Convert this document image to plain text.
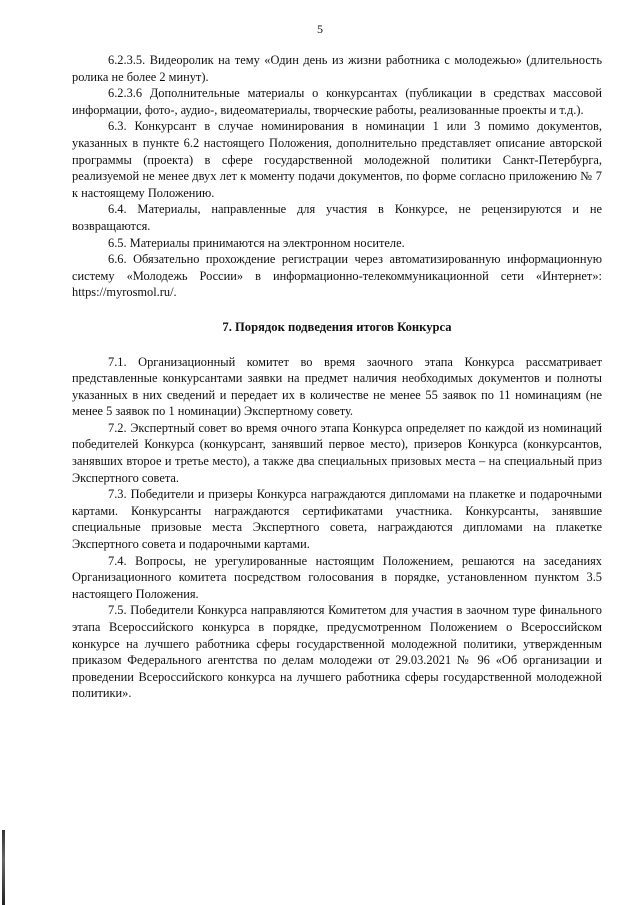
5

6.2.3.5. Видеоролик на тему «Один день из жизни работника с молодежью» (длительность ролика не более 2 минут).

6.2.3.6 Дополнительные материалы о конкурсантах (публикации в средствах массовой информации, фото-, аудио-, видеоматериалы, творческие работы, реализованные проекты и т.д.).

6.3. Конкурсант в случае номинирования в номинации 1 или 3 помимо документов, указанных в пункте 6.2 настоящего Положения, дополнительно представляет описание авторской программы (проекта) в сфере государственной молодежной политики Санкт-Петербурга, реализуемой не менее двух лет к моменту подачи документов, по форме согласно приложению № 7 к настоящему Положению.

6.4. Материалы, направленные для участия в Конкурсе, не рецензируются и не возвращаются.

6.5. Материалы принимаются на электронном носителе.

6.6. Обязательно прохождение регистрации через автоматизированную информационную систему «Молодежь России» в информационно-телекоммуникационной сети «Интернет»: https://myrosmol.ru/.

7. Порядок подведения итогов Конкурса

7.1. Организационный комитет во время заочного этапа Конкурса рассматривает представленные конкурсантами заявки на предмет наличия необходимых документов и полноты указанных в них сведений и передает их в количестве не менее 55 заявок по 11 номинациям (не менее 5 заявок по 1 номинации) Экспертному совету.

7.2. Экспертный совет во время очного этапа Конкурса определяет по каждой из номинаций победителей Конкурса (конкурсант, занявший первое место), призеров Конкурса (конкурсантов, занявших второе и третье место), а также два специальных призовых места – на специальный приз Экспертного совета.

7.3. Победители и призеры Конкурса награждаются дипломами на плакетке и подарочными картами. Конкурсанты награждаются сертификатами участника. Конкурсанты, занявшие специальные призовые места Экспертного совета, награждаются дипломами на плакетке Экспертного совета и подарочными картами.

7.4. Вопросы, не урегулированные настоящим Положением, решаются на заседаниях Организационного комитета посредством голосования в порядке, установленном пунктом 3.5 настоящего Положения.

7.5. Победители Конкурса направляются Комитетом для участия в заочном туре финального этапа Всероссийского конкурса в порядке, предусмотренном Положением о Всероссийском конкурсе на лучшего работника сферы государственной молодежной политики, утвержденным приказом Федерального агентства по делам молодежи от 29.03.2021 № 96 «Об организации и проведении Всероссийского конкурса на лучшего работника сферы государственной молодежной политики».
